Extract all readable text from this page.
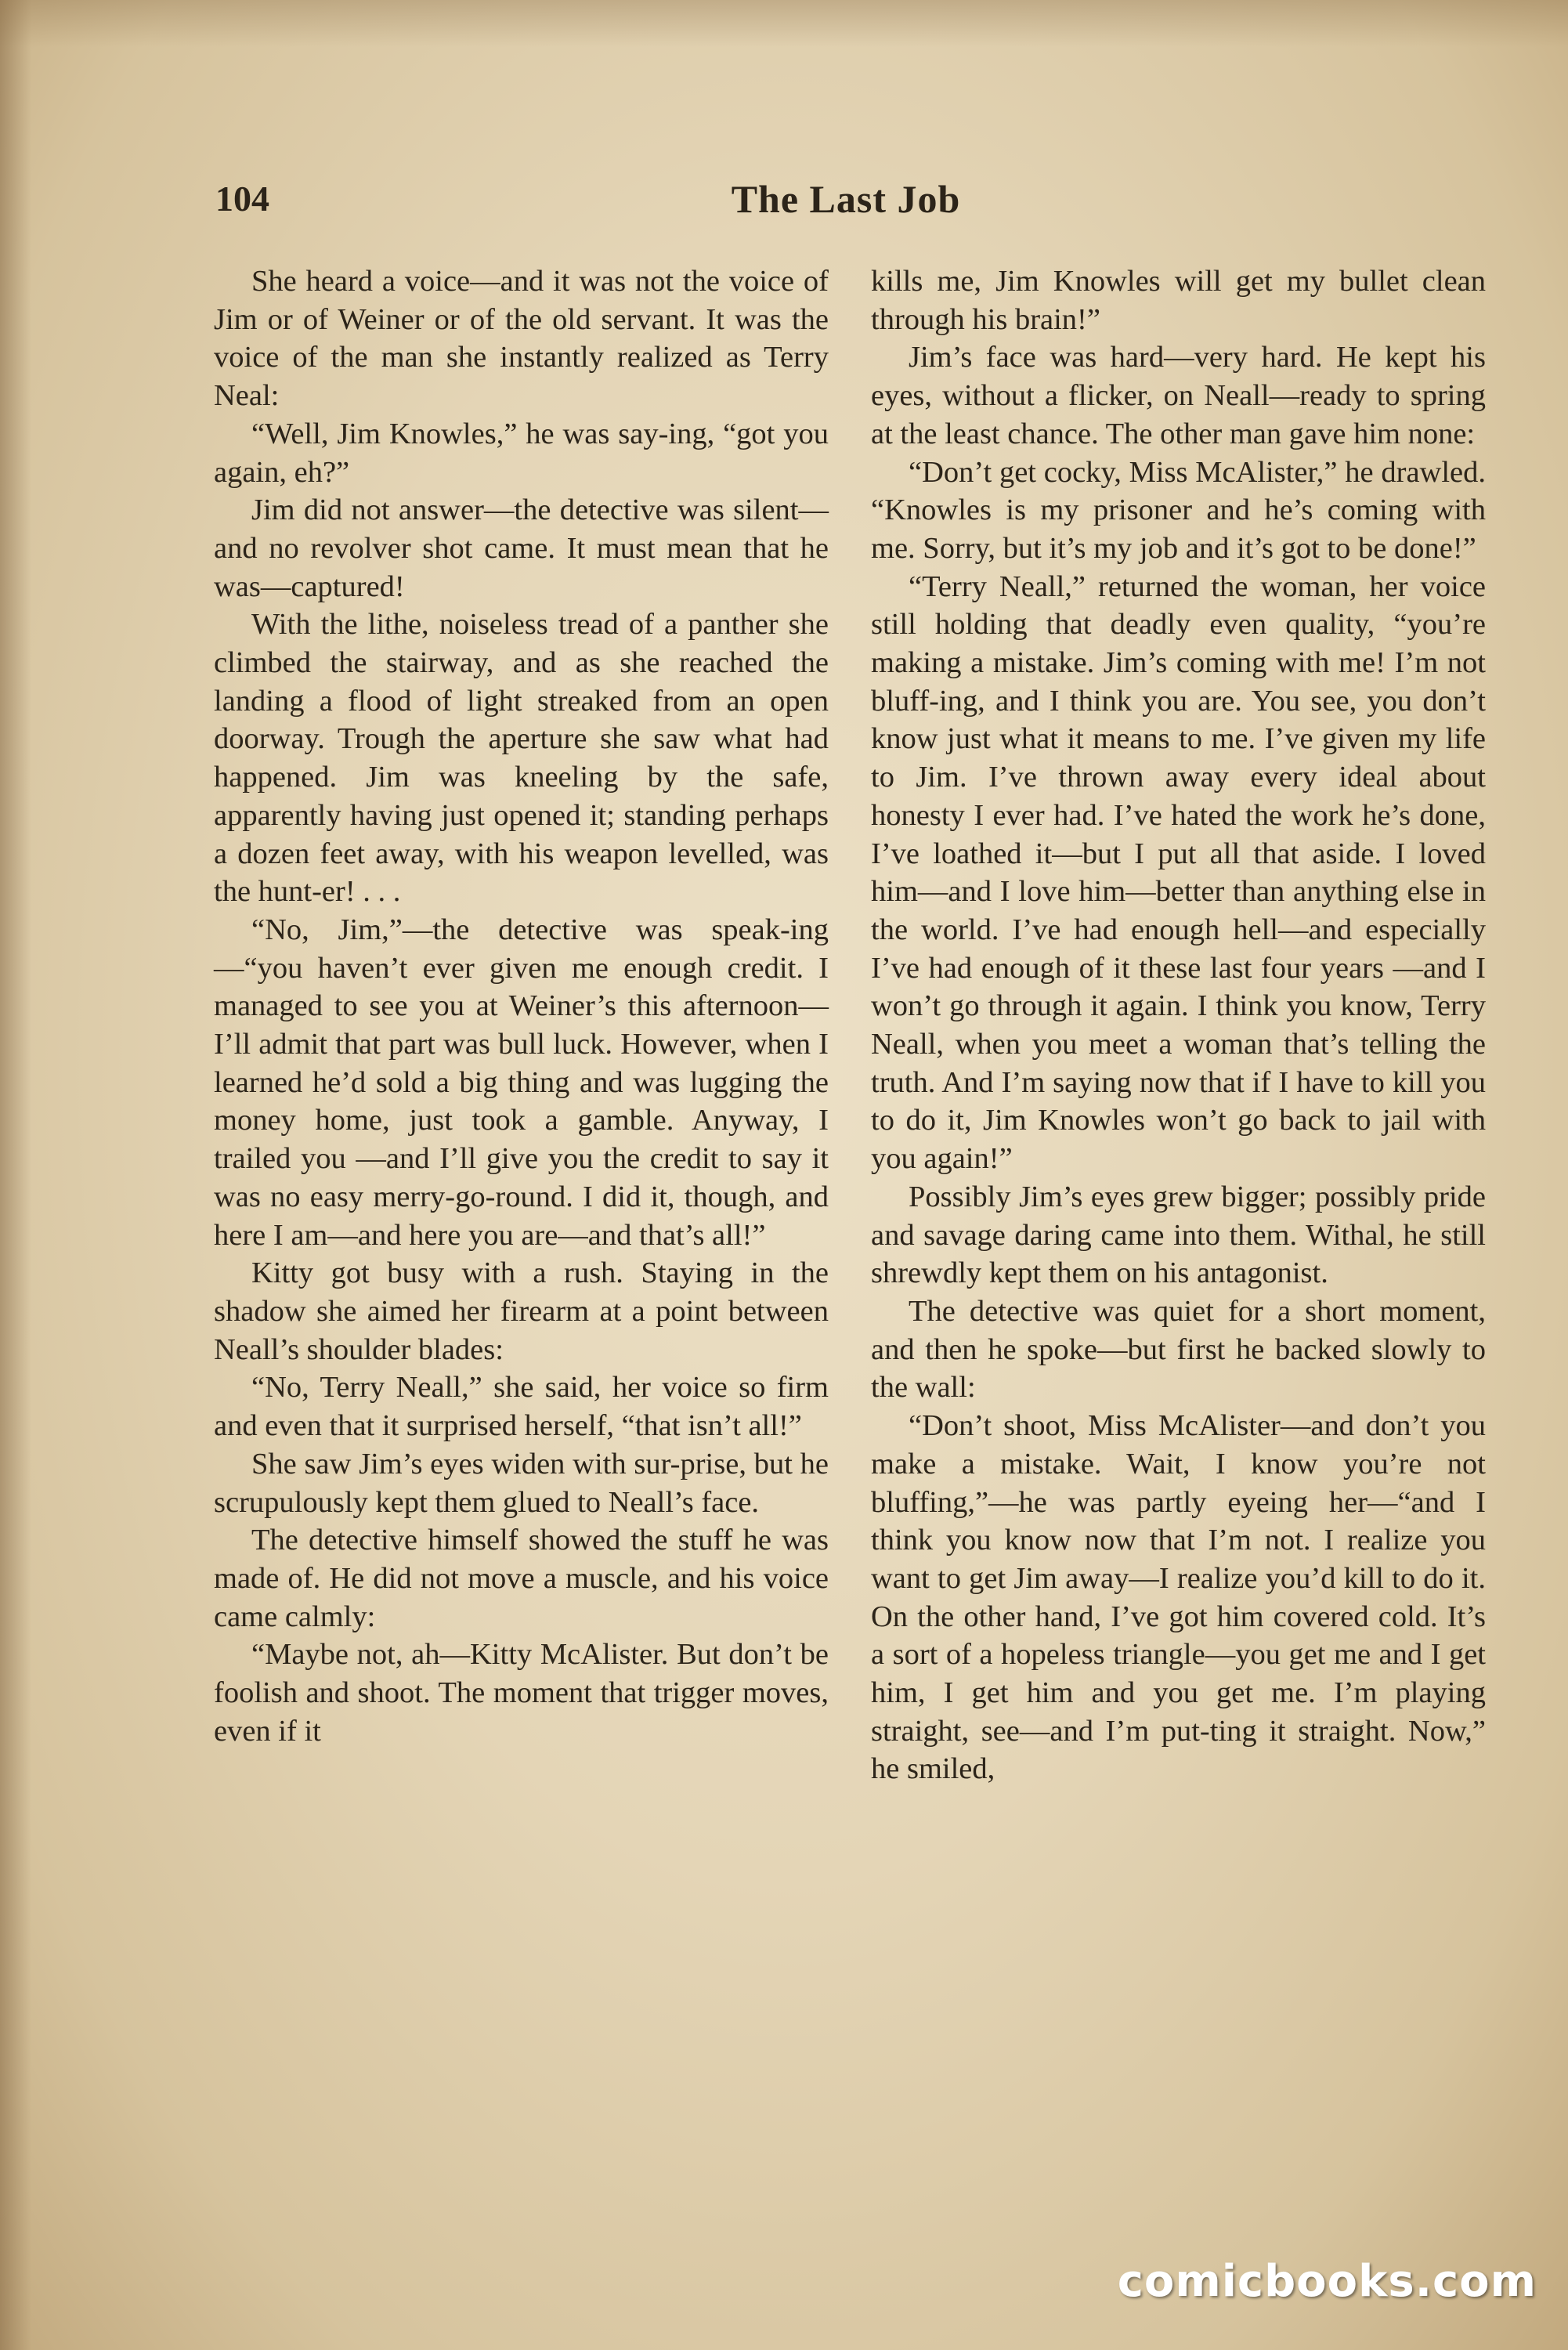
104	The Last Job

She heard a voice—and it was not the voice of Jim or of Weiner or of the old servant. It was the voice of the man she instantly realized as Terry Neal:

“Well, Jim Knowles,” he was say-ing, “got you again, eh?”

Jim did not answer—the detective was silent—and no revolver shot came. It must mean that he was—captured!

With the lithe, noiseless tread of a panther she climbed the stairway, and as she reached the landing a flood of light streaked from an open doorway. Trough the aperture she saw what had happened. Jim was kneeling by the safe, apparently having just opened it; standing perhaps a dozen feet away, with his weapon levelled, was the hunt-er! . . .

“No, Jim,”—the detective was speak-ing—“you haven’t ever given me enough credit. I managed to see you at Weiner’s this afternoon—I’ll admit that part was bull luck. However, when I learned he’d sold a big thing and was lugging the money home, just took a gamble. Anyway, I trailed you —and I’ll give you the credit to say it was no easy merry-go-round. I did it, though, and here I am—and here you are—and that’s all!”

Kitty got busy with a rush. Staying in the shadow she aimed her firearm at a point between Neall’s shoulder blades:

“No, Terry Neall,” she said, her voice so firm and even that it surprised herself, “that isn’t all!”

She saw Jim’s eyes widen with sur-prise, but he scrupulously kept them glued to Neall’s face.

The detective himself showed the stuff he was made of. He did not move a muscle, and his voice came calmly:

“Maybe not, ah—Kitty McAlister. But don’t be foolish and shoot. The moment that trigger moves, even if it

kills me, Jim Knowles will get my bullet clean through his brain!”

Jim’s face was hard—very hard. He kept his eyes, without a flicker, on Neall—ready to spring at the least chance. The other man gave him none:

“Don’t get cocky, Miss McAlister,” he drawled. “Knowles is my prisoner and he’s coming with me. Sorry, but it’s my job and it’s got to be done!”

“Terry Neall,” returned the woman, her voice still holding that deadly even quality, “you’re making a mistake. Jim’s coming with me! I’m not bluff-ing, and I think you are. You see, you don’t know just what it means to me. I’ve given my life to Jim. I’ve thrown away every ideal about honesty I ever had. I’ve hated the work he’s done, I’ve loathed it—but I put all that aside. I loved him—and I love him—better than anything else in the world. I’ve had enough hell—and especially I’ve had enough of it these last four years —and I won’t go through it again. I think you know, Terry Neall, when you meet a woman that’s telling the truth. And I’m saying now that if I have to kill you to do it, Jim Knowles won’t go back to jail with you again!”

Possibly Jim’s eyes grew bigger; possibly pride and savage daring came into them. Withal, he still shrewdly kept them on his antagonist.

The detective was quiet for a short moment, and then he spoke—but first he backed slowly to the wall:

“Don’t shoot, Miss McAlister—and don’t you make a mistake. Wait, I know you’re not bluffing,”—he was partly eyeing her—“and I think you know now that I’m not. I realize you want to get Jim away—I realize you’d kill to do it. On the other hand, I’ve got him covered cold. It’s a sort of a hopeless triangle—you get me and I get him, I get him and you get me. I’m playing straight, see—and I’m put-ting it straight. Now,” he smiled,

comicbooks.com
